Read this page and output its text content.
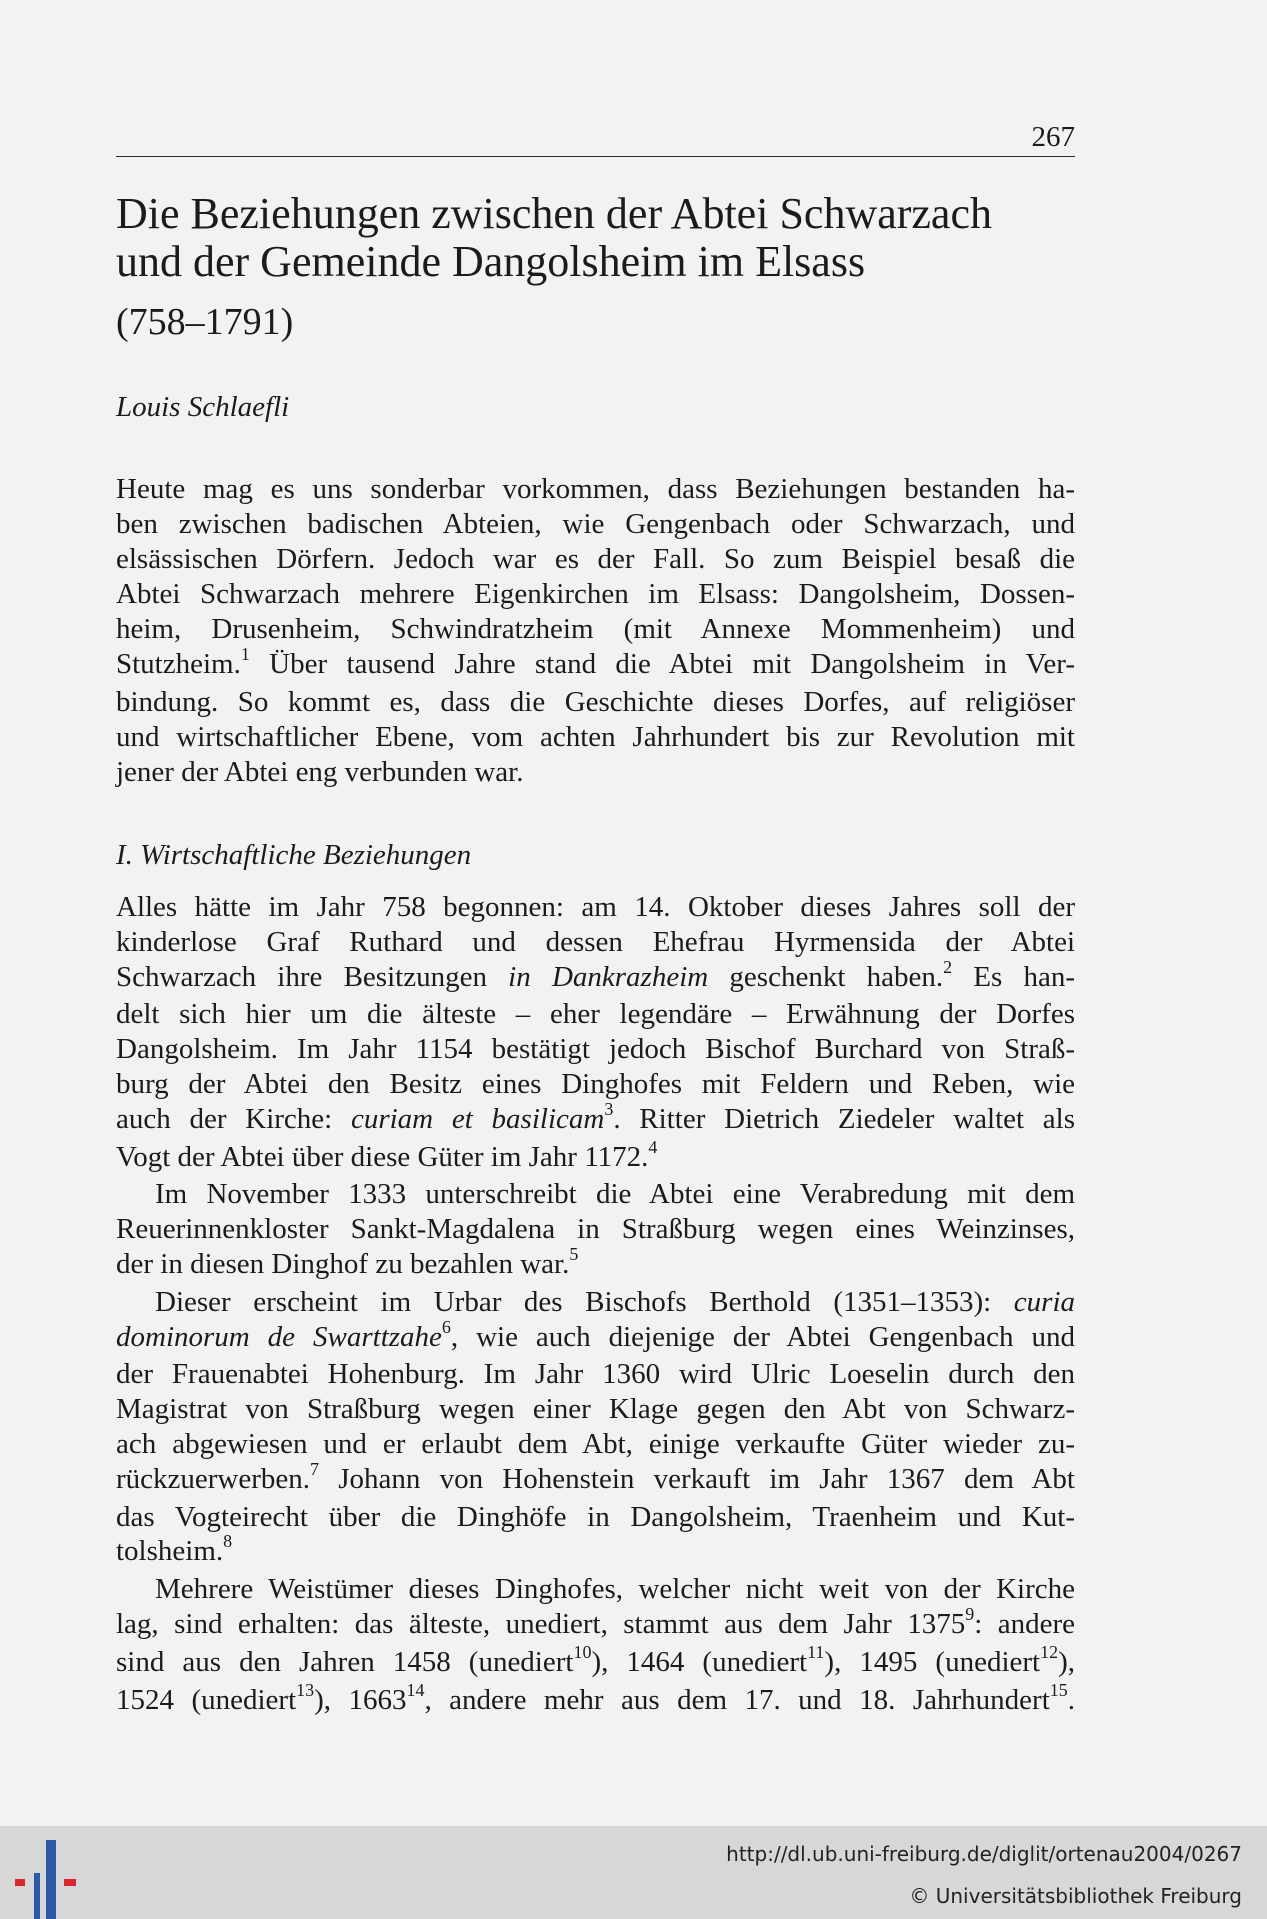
267
Die Beziehungen zwischen der Abtei Schwarzach
und der Gemeinde Dangolsheim im Elsass
(758–1791)
Louis Schlaefli
Heute mag es uns sonderbar vorkommen, dass Beziehungen bestanden ha-
ben zwischen badischen Abteien, wie Gengenbach oder Schwarzach, und
elsässischen Dörfern. Jedoch war es der Fall. So zum Beispiel besaß die
Abtei Schwarzach mehrere Eigenkirchen im Elsass: Dangolsheim, Dossen-
heim, Drusenheim, Schwindratzheim (mit Annexe Mommenheim) und
Stutzheim.$^1$ Über tausend Jahre stand die Abtei mit Dangolsheim in Ver-
bindung. So kommt es, dass die Geschichte dieses Dorfes, auf religiöser
und wirtschaftlicher Ebene, vom achten Jahrhundert bis zur Revolution mit
jener der Abtei eng verbunden war.
I. Wirtschaftliche Beziehungen
Alles hätte im Jahr 758 begonnen: am 14. Oktober dieses Jahres soll der
kinderlose Graf Ruthard und dessen Ehefrau Hyrmensida der Abtei
Schwarzach ihre Besitzungen in Dankrazheim geschenkt haben.$^2$ Es han-
delt sich hier um die älteste – eher legendäre – Erwähnung der Dorfes
Dangolsheim. Im Jahr 1154 bestätigt jedoch Bischof Burchard von Straß-
burg der Abtei den Besitz eines Dinghofes mit Feldern und Reben, wie
auch der Kirche: curiam et basilicam$^3$. Ritter Dietrich Ziedeler waltet als
Vogt der Abtei über diese Güter im Jahr 1172.$^4$
Im November 1333 unterschreibt die Abtei eine Verabredung mit dem
Reuerinnenkloster Sankt-Magdalena in Straßburg wegen eines Weinzinses,
der in diesen Dinghof zu bezahlen war.$^5$
Dieser erscheint im Urbar des Bischofs Berthold (1351–1353): curia
dominorum de Swarttzahe$^6$, wie auch diejenige der Abtei Gengenbach und
der Frauenabtei Hohenburg. Im Jahr 1360 wird Ulric Loeselin durch den
Magistrat von Straßburg wegen einer Klage gegen den Abt von Schwarz-
ach abgewiesen und er erlaubt dem Abt, einige verkaufte Güter wieder zu-
rückzuerwerben.$^7$ Johann von Hohenstein verkauft im Jahr 1367 dem Abt
das Vogteirecht über die Dinghöfe in Dangolsheim, Traenheim und Kut-
tolsheim.$^8$
Mehrere Weistümer dieses Dinghofes, welcher nicht weit von der Kirche
lag, sind erhalten: das älteste, unediert, stammt aus dem Jahr 1375$^9$: andere
sind aus den Jahren 1458 (unediert$^{10}$), 1464 (unediert$^{11}$), 1495 (unediert$^{12}$),
1524 (unediert$^{13}$), 1663$^{14}$, andere mehr aus dem 17. und 18. Jahrhundert$^{15}$.
http://dl.ub.uni-freiburg.de/diglit/ortenau2004/0267
© Universitätsbibliothek Freiburg
